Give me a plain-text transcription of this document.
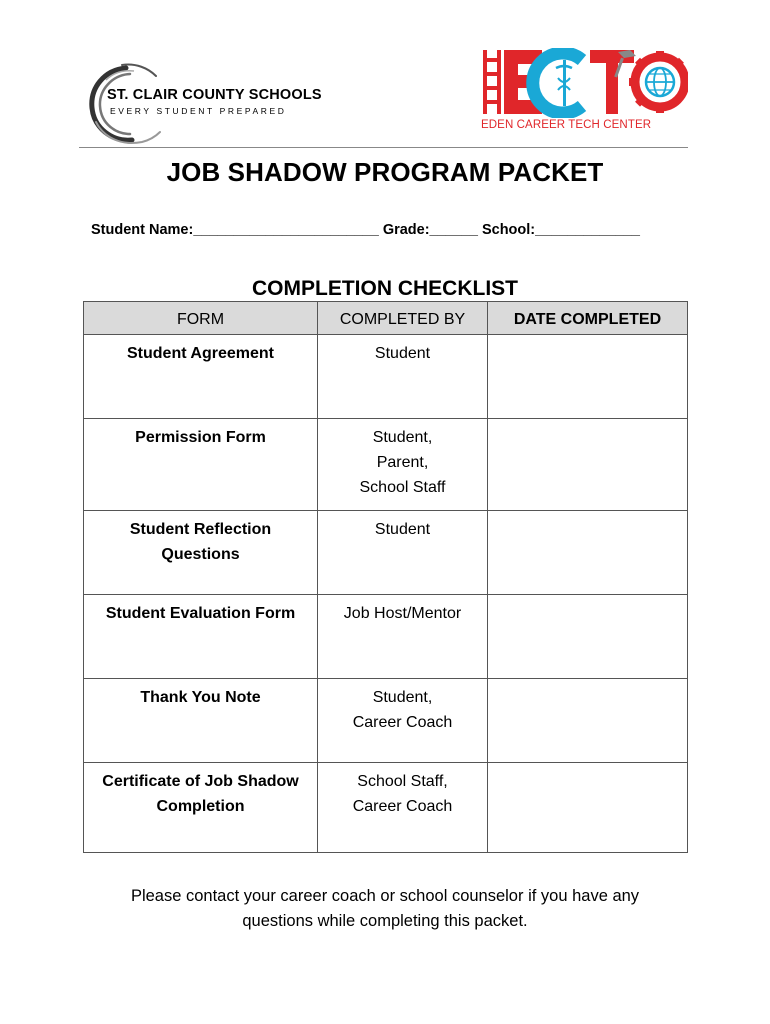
ST. CLAIR COUNTY SCHOOLS
EVERY STUDENT PREPARED
EDEN CAREER TECH CENTER
JOB SHADOW PROGRAM PACKET
Student Name:_______________________ Grade:______ School:_____________
COMPLETION CHECKLIST
FORM	COMPLETED BY	DATE COMPLETED

Student Agreement	Student	

Permission Form	Student,
Parent,
School Staff	

Student Reflection
Questions	Student	

Student Evaluation Form	Job Host/Mentor	

Thank You Note	Student,
Career Coach	

Certificate of Job Shadow
Completion	School Staff,
Career Coach	

Please contact your career coach or school counselor if you have any
questions while completing this packet.
